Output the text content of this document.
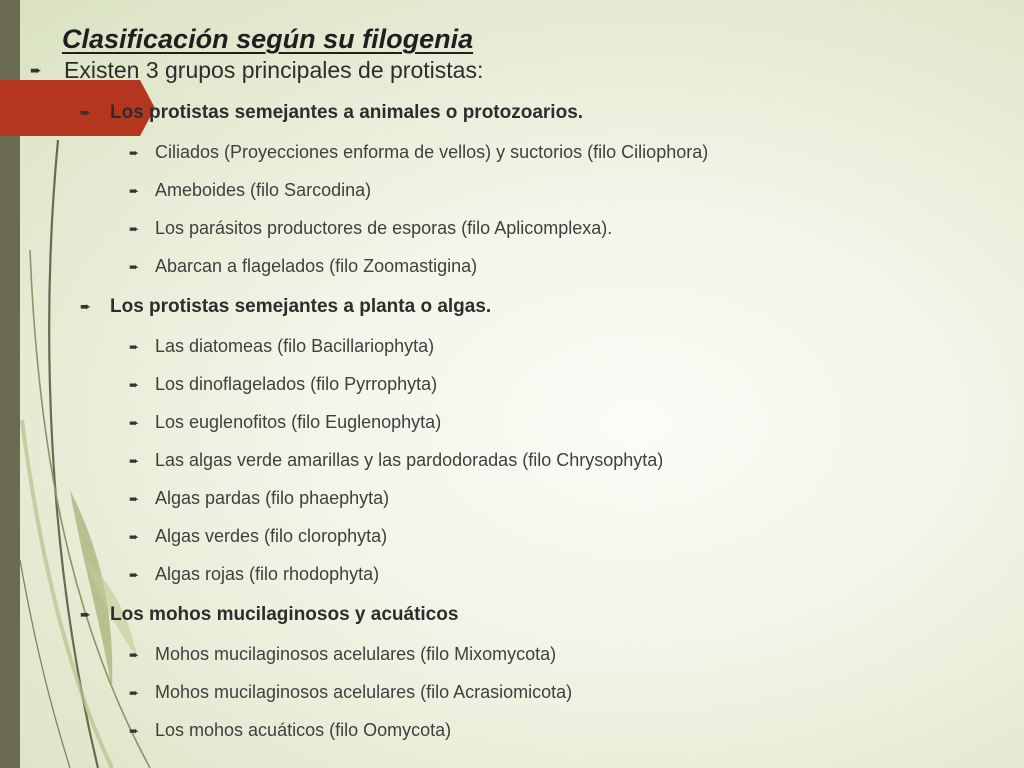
Clasificación según su filogenia
➨ Existen 3 grupos principales de protistas:
➨	Los protistas semejantes a animales o protozoarios.
➨ Ciliados (Proyecciones enforma de vellos) y suctorios (filo Ciliophora)
➨ Ameboides (filo Sarcodina)
➨ Los parásitos productores de esporas (filo Aplicomplexa).
➨ Abarcan a flagelados (filo Zoomastigina)
➨	Los protistas semejantes a planta o algas.
➨ Las diatomeas (filo Bacillariophyta)
➨ Los dinoflagelados (filo Pyrrophyta)
➨ Los euglenofitos (filo Euglenophyta)
➨ Las algas verde amarillas y las pardodoradas (filo Chrysophyta)
➨ Algas pardas (filo phaephyta)
➨ Algas verdes (filo clorophyta)
➨ Algas rojas (filo rhodophyta)
➨	Los mohos mucilaginosos y acuáticos
➨ Mohos mucilaginosos acelulares (filo Mixomycota)
➨ Mohos mucilaginosos acelulares (filo Acrasiomicota)
➨ Los mohos acuáticos (filo Oomycota)
